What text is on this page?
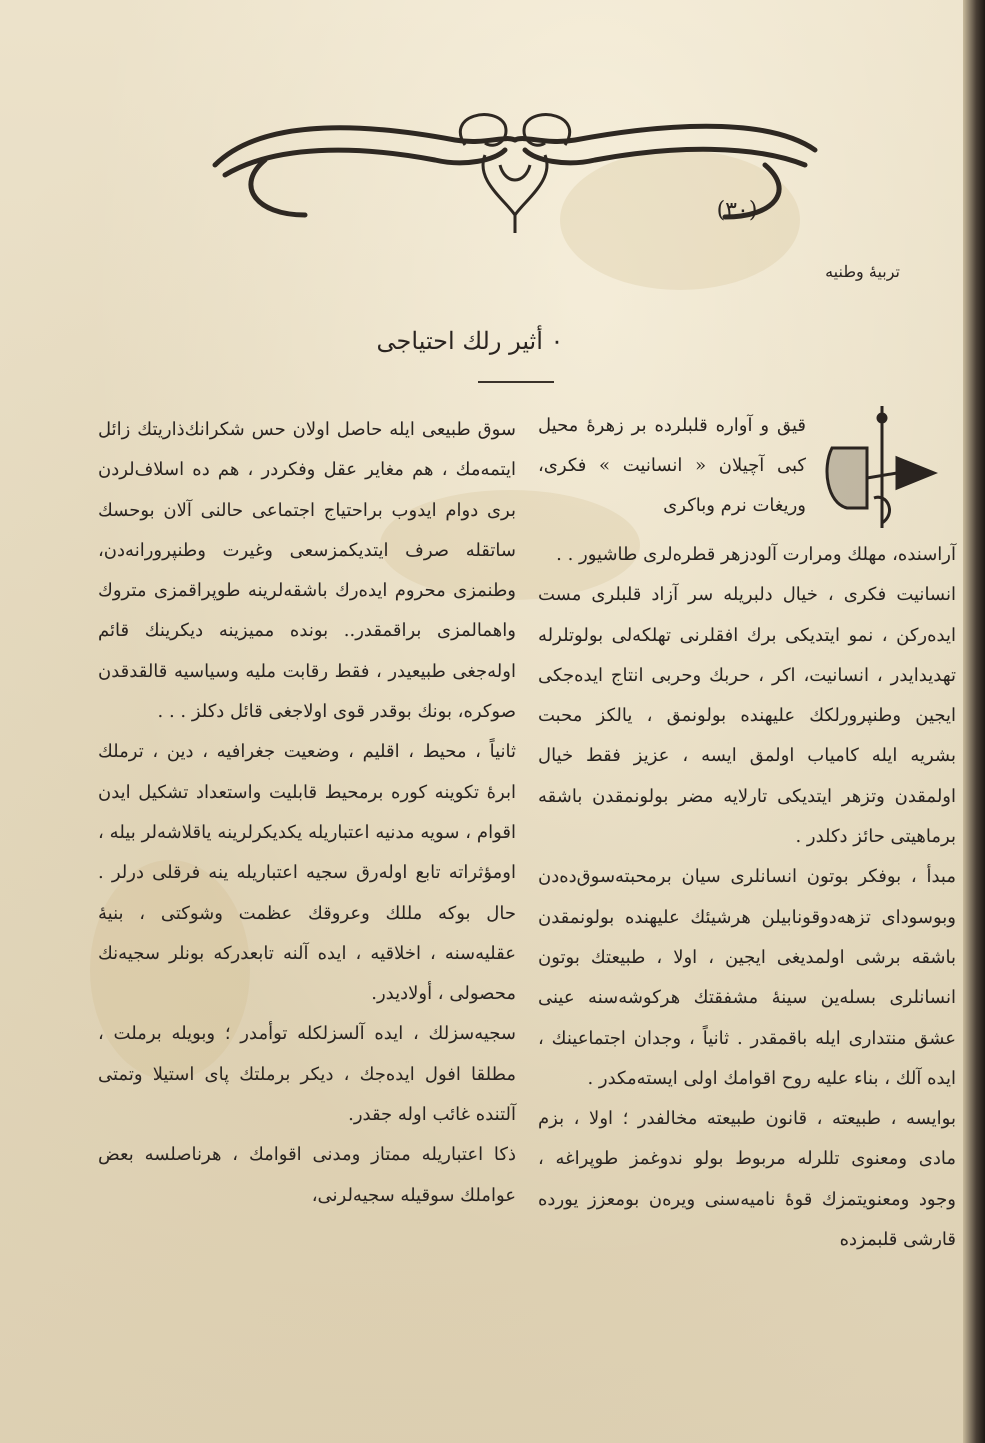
(٣٠)
تربیهٔ وطنیه
٠ أثیر رلك احتیاجی
قیق و آواره قلبلرده بر زهرهٔ محیل کبی آچیلان « انسانیت » فکری، وریغات نرم وباکری

آراسنده، مهلك ومرارت آلودزهر قطره‌لری طاشیور . .

انسانیت فکری ، خیال دلبریله سر آزاد قلبلری مست ایده‌رکن ، نمو ایتدیکی برك افقلرنی تهلکه‌لی بولوتلرله تهدیدایدر ، انسانیت، اکر ، حربك وحربی انتاج ایده‌جکی ایجین وطنپرورلکك علیهنده بولونمق ، یالکز محبت بشریه ایله کامیاب اولمق ایسه ، عزیز فقط خیال اولمقدن وتزهر ایتدیکی تارلایه مضر بولونمقدن باشقه برماهیتی حائز دکلدر .

مبدأ ، بوفکر بوتون انسانلری سیان برمحبته‌سوق‌ده‌دن وبوسودای تزهه‌دوقونابیلن هرشیئك علیهنده بولونمقدن باشقه برشی اولمدیغی ایجین ، اولا ، طبیعتك بوتون انسانلری بسله‌ین سینهٔ مشفقتك هرکوشه‌سنه عینی عشق منتداری ایله باقمقدر . ثانیاً ، وجدان اجتماعینك ، ایده آلك ، بناء علیه روح اقوامك اولی ایسته‌مکدر .

بوایسه ، طبیعته ، قانون طبیعته مخالفدر ؛ اولا ، بزم مادی ومعنوی تللرله مربوط بولو ندوغمز طوپراغه ، وجود ومعنویتمزك قوهٔ نامیه‌سنی ویره‌ن بومعزز یورده قارشی قلبمزده

سوق طبیعی ایله حاصل اولان حس شکرانك‌ذاریتك زائل ایتمه‌مك ، هم مغایر عقل وفکردر ، هم ده اسلاف‌لردن بری دوام ایدوب براحتیاج اجتماعی حالنی آلان بوحسك ساتقله صرف ایتدیکمزسعی وغیرت وطنپرورانه‌دن، وطنمزی محروم ایده‌رك باشقه‌لرینه طوپراقمزی متروك واهمالمزی براقمقدر.. بونده ممیزینه دیکرینك قائم اوله‌جغی طبیعیدر ، فقط رقابت ملیه وسیاسیه قالقدقدن صوکره، بونك بوقدر قوی اولاجغی قائل دکلز . . .

ثانیاً ، محیط ، اقلیم ، وضعیت جغرافیه ، دین ، ترملك ابرهٔ تکوینه کوره برمحیط قابلیت واستعداد تشکیل ایدن اقوام ، سویه مدنیه اعتباریله یکدیکرلرینه یاقلاشه‌لر بیله ، اومؤثراته تابع اوله‌رق سجیه اعتباریله ینه فرقلی درلر . حال بوکه مللك وعروقك عظمت وشوکتی ، بنیهٔ عقلیه‌سنه ، اخلاقیه ، ایده آلنه تابعدرکه بونلر سجیه‌نك محصولی ، أولادیدر.

سجیه‌سزلك ، ایده آلسزلکله توأمدر ؛ وبویله برملت ، مطلقا افول ایده‌جك ، دیکر برملتك پای استیلا وتمتی آلتنده غائب اوله جقدر.

ذکا اعتباریله ممتاز ومدنی اقوامك ، هرناصلسه بعض عواملك سوقیله سجیه‌لرنی،
